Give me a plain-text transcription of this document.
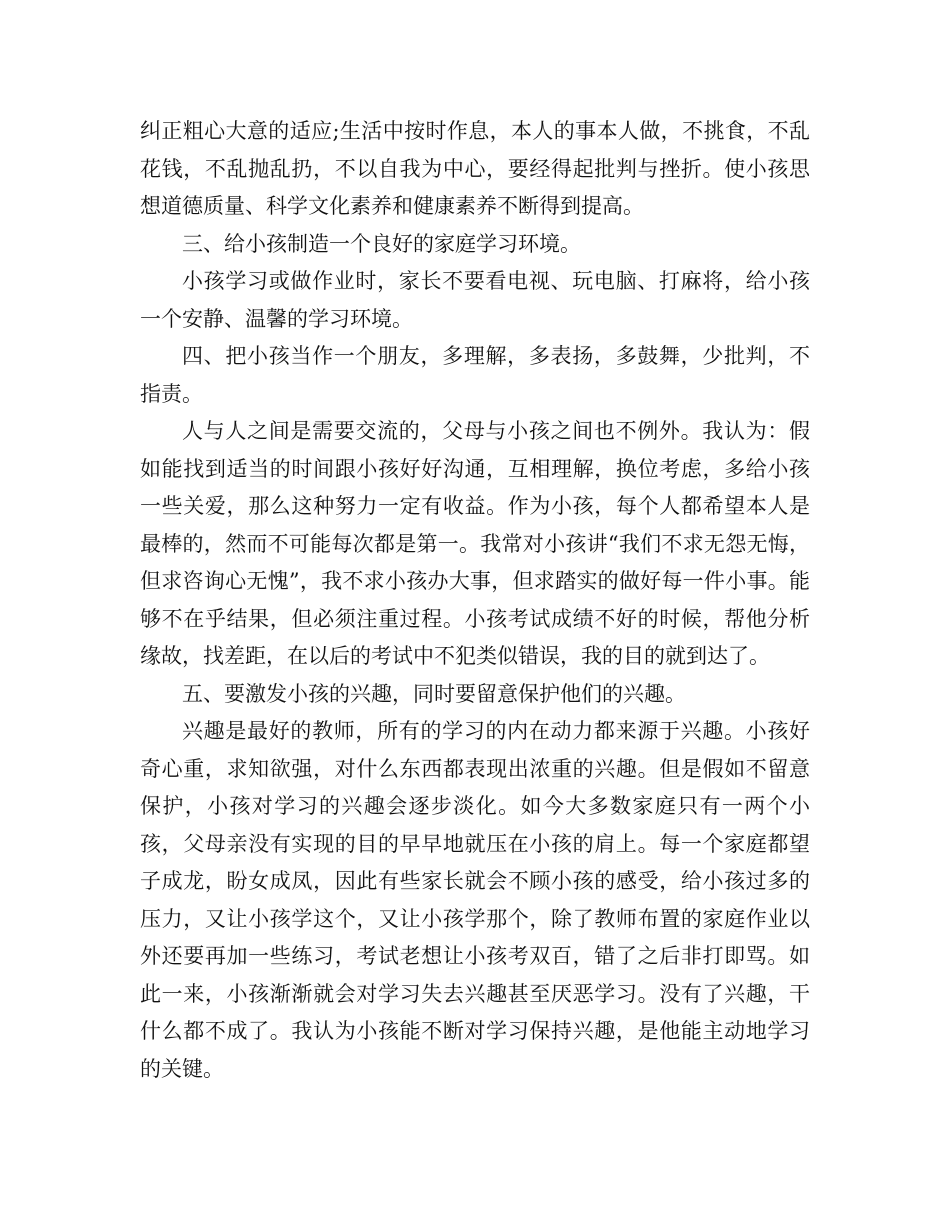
纠正粗心大意的适应;生活中按时作息，本人的事本人做，不挑食，不乱花钱，不乱抛乱扔，不以自我为中心，要经得起批判与挫折。使小孩思想道德质量、科学文化素养和健康素养不断得到提高。

三、给小孩制造一个良好的家庭学习环境。

小孩学习或做作业时，家长不要看电视、玩电脑、打麻将，给小孩一个安静、温馨的学习环境。

四、把小孩当作一个朋友，多理解，多表扬，多鼓舞，少批判，不指责。

人与人之间是需要交流的，父母与小孩之间也不例外。我认为：假如能找到适当的时间跟小孩好好沟通，互相理解，换位考虑，多给小孩一些关爱，那么这种努力一定有收益。作为小孩，每个人都希望本人是最棒的，然而不可能每次都是第一。我常对小孩讲“我们不求无怨无悔，但求咨询心无愧”，我不求小孩办大事，但求踏实的做好每一件小事。能够不在乎结果，但必须注重过程。小孩考试成绩不好的时候，帮他分析缘故，找差距，在以后的考试中不犯类似错误，我的目的就到达了。

五、要激发小孩的兴趣，同时要留意保护他们的兴趣。

兴趣是最好的教师，所有的学习的内在动力都来源于兴趣。小孩好奇心重，求知欲强，对什么东西都表现出浓重的兴趣。但是假如不留意保护，小孩对学习的兴趣会逐步淡化。如今大多数家庭只有一两个小孩，父母亲没有实现的目的早早地就压在小孩的肩上。每一个家庭都望子成龙，盼女成凤，因此有些家长就会不顾小孩的感受，给小孩过多的压力，又让小孩学这个，又让小孩学那个，除了教师布置的家庭作业以外还要再加一些练习，考试老想让小孩考双百，错了之后非打即骂。如此一来，小孩渐渐就会对学习失去兴趣甚至厌恶学习。没有了兴趣，干什么都不成了。我认为小孩能不断对学习保持兴趣，是他能主动地学习的关键。
